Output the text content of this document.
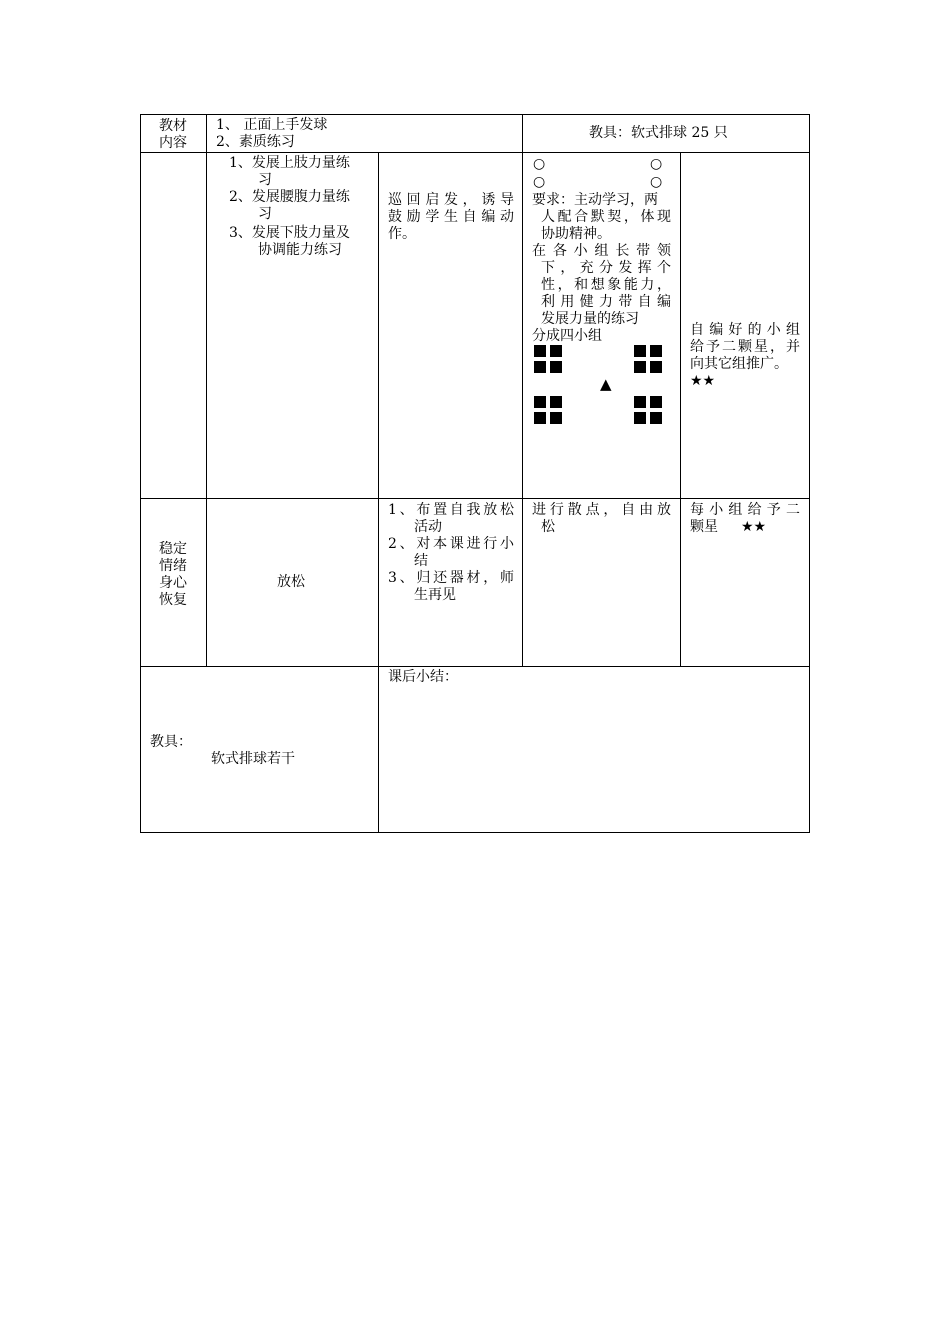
教材
内容
1、 正面上手发球
2、素质练习
教具：软式排球 25 只
1、发展上肢力量练
习
2、发展腰腹力量练
习
3、发展下肢力量及
协调能力练习
巡回启发，诱导
鼓励学生自编动
作。
○	○
○	○
要求：主动学习，两
人配合默契，体现
协助精神。
在各小组长带领
下，充分发挥个
性，和想象能力，
利用健力带自编
发展力量的练习
分成四小组
▲
自编好的小组
给予二颗星，并
向其它组推广。
★★
稳定
情绪
身心
恢复
放松
1、布置自我放松
活动
2、对本课进行小
结
3、归还器材，师
生再见
进行散点，自由放
松
每小组给予二
颗星 ★★
教具：
软式排球若干
课后小结：
